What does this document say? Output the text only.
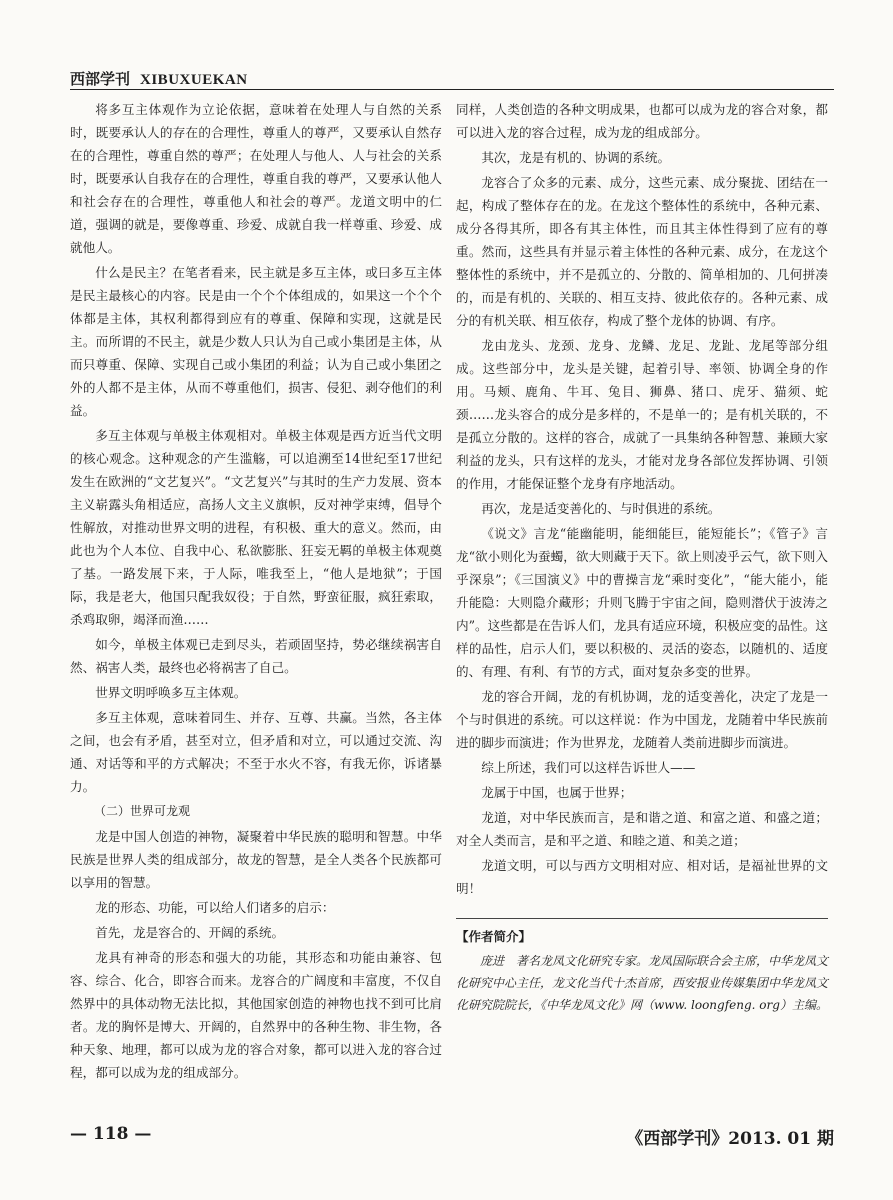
西部学刊 XIBUXUEKAN

将多互主体观作为立论依据，意味着在处理人与自然的关系时，既要承认人的存在的合理性，尊重人的尊严，又要承认自然存在的合理性，尊重自然的尊严；在处理人与他人、人与社会的关系时，既要承认自我存在的合理性，尊重自我的尊严，又要承认他人和社会存在的合理性，尊重他人和社会的尊严。龙道文明中的仁道，强调的就是，要像尊重、珍爱、成就自我一样尊重、珍爱、成就他人。

什么是民主？在笔者看来，民主就是多互主体，或曰多互主体是民主最核心的内容。民是由一个个个体组成的，如果这一个个个体都是主体，其权利都得到应有的尊重、保障和实现，这就是民主。而所谓的不民主，就是少数人只认为自己或小集团是主体，从而只尊重、保障、实现自己或小集团的利益；认为自己或小集团之外的人都不是主体，从而不尊重他们，损害、侵犯、剥夺他们的利益。

多互主体观与单极主体观相对。单极主体观是西方近当代文明的核心观念。这种观念的产生滥觞，可以追溯至14世纪至17世纪发生在欧洲的“文艺复兴”。“文艺复兴”与其时的生产力发展、资本主义崭露头角相适应，高扬人文主义旗帜，反对神学束缚，倡导个性解放，对推动世界文明的进程，有积极、重大的意义。然而，由此也为个人本位、自我中心、私欲膨胀、狂妄无羁的单极主体观奠了基。一路发展下来，于人际，唯我至上，“他人是地狱”；于国际，我是老大，他国只配我奴役；于自然，野蛮征服，疯狂索取，杀鸡取卵，竭泽而渔……

如今，单极主体观已走到尽头，若顽固坚持，势必继续祸害自然、祸害人类，最终也必将祸害了自己。

世界文明呼唤多互主体观。

多互主体观，意味着同生、并存、互尊、共赢。当然，各主体之间，也会有矛盾，甚至对立，但矛盾和对立，可以通过交流、沟通、对话等和平的方式解决；不至于水火不容，有我无你，诉诸暴力。

（二）世界可龙观

龙是中国人创造的神物，凝聚着中华民族的聪明和智慧。中华民族是世界人类的组成部分，故龙的智慧，是全人类各个民族都可以享用的智慧。

龙的形态、功能，可以给人们诸多的启示：

首先，龙是容合的、开阔的系统。

龙具有神奇的形态和强大的功能，其形态和功能由兼容、包容、综合、化合，即容合而来。龙容合的广阔度和丰富度，不仅自然界中的具体动物无法比拟，其他国家创造的神物也找不到可比肩者。龙的胸怀是博大、开阔的，自然界中的各种生物、非生物，各种天象、地理，都可以成为龙的容合对象，都可以进入龙的容合过程，都可以成为龙的组成部分。

同样，人类创造的各种文明成果，也都可以成为龙的容合对象，都可以进入龙的容合过程，成为龙的组成部分。

其次，龙是有机的、协调的系统。

龙容合了众多的元素、成分，这些元素、成分聚拢、团结在一起，构成了整体存在的龙。在龙这个整体性的系统中，各种元素、成分各得其所，即各有其主体性，而且其主体性得到了应有的尊重。然而，这些具有并显示着主体性的各种元素、成分，在龙这个整体性的系统中，并不是孤立的、分散的、简单相加的、几何拼凑的，而是有机的、关联的、相互支持、彼此依存的。各种元素、成分的有机关联、相互依存，构成了整个龙体的协调、有序。

龙由龙头、龙颈、龙身、龙鳞、龙足、龙趾、龙尾等部分组成。这些部分中，龙头是关键，起着引导、率领、协调全身的作用。马颊、鹿角、牛耳、兔目、狮鼻、猪口、虎牙、猫须、蛇颈……龙头容合的成分是多样的，不是单一的；是有机关联的，不是孤立分散的。这样的容合，成就了一具集纳各种智慧、兼顾大家利益的龙头，只有这样的龙头，才能对龙身各部位发挥协调、引领的作用，才能保证整个龙身有序地活动。

再次，龙是适变善化的、与时俱进的系统。

《说文》言龙“能幽能明，能细能巨，能短能长”；《管子》言龙“欲小则化为蚕蠋，欲大则藏于天下。欲上则凌乎云气，欲下则入乎深泉”；《三国演义》中的曹操言龙“乘时变化”，“能大能小，能升能隐：大则隐介藏形；升则飞腾于宇宙之间，隐则潜伏于波涛之内”。这些都是在告诉人们，龙具有适应环境，积极应变的品性。这样的品性，启示人们，要以积极的、灵活的姿态，以随机的、适度的、有理、有利、有节的方式，面对复杂多变的世界。

龙的容合开阔，龙的有机协调，龙的适变善化，决定了龙是一个与时俱进的系统。可以这样说：作为中国龙，龙随着中华民族前进的脚步而演进；作为世界龙，龙随着人类前进脚步而演进。

综上所述，我们可以这样告诉世人——

龙属于中国，也属于世界；

龙道，对中华民族而言，是和谐之道、和富之道、和盛之道；对全人类而言，是和平之道、和睦之道、和美之道；

龙道文明，可以与西方文明相对应、相对话，是福祉世界的文明！

【作者简介】

庞进　著名龙凤文化研究专家。龙凤国际联合会主席，中华龙凤文化研究中心主任，龙文化当代十杰首席，西安报业传媒集团中华龙凤文化研究院院长，《中华龙凤文化》网（www. loongfeng. org）主编。

— 118 —	《西部学刊》2013. 01 期
